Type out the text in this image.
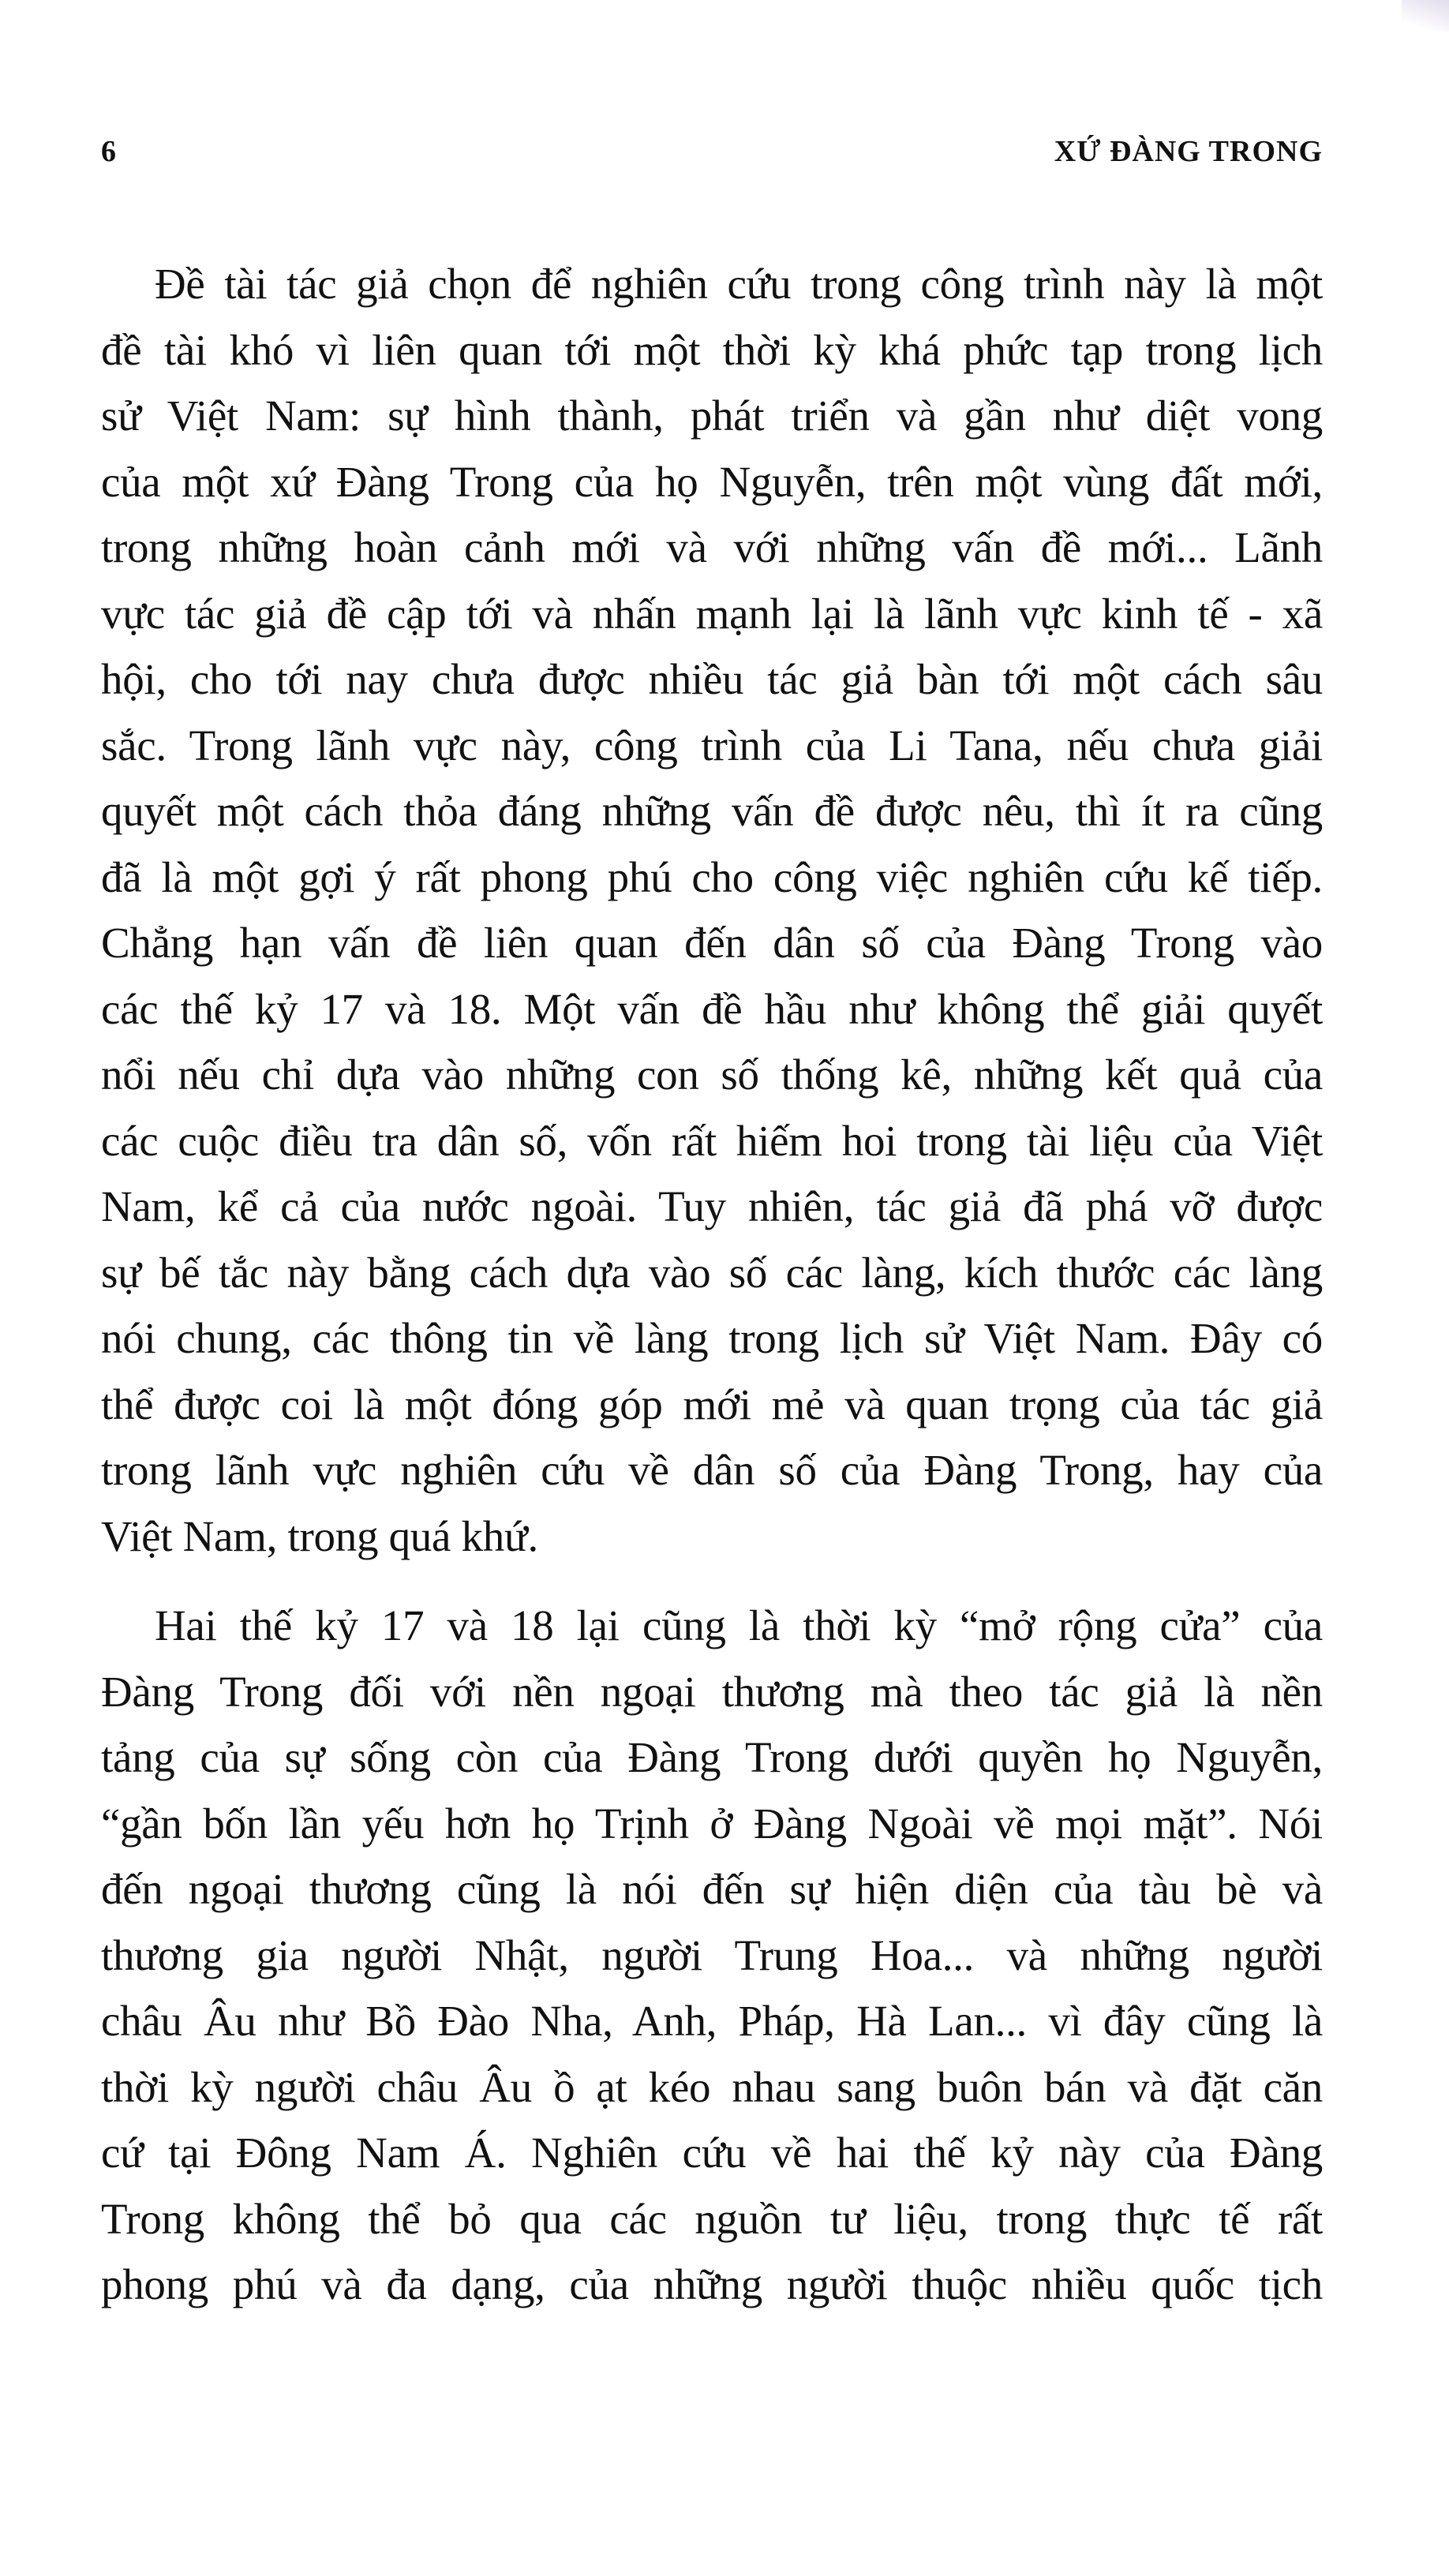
6	XỨ ĐÀNG TRONG
Đề tài tác giả chọn để nghiên cứu trong công trình này là một
đề tài khó vì liên quan tới một thời kỳ khá phức tạp trong lịch
sử Việt Nam: sự hình thành, phát triển và gần như diệt vong
của một xứ Đàng Trong của họ Nguyễn, trên một vùng đất mới,
trong những hoàn cảnh mới và với những vấn đề mới... Lãnh
vực tác giả đề cập tới và nhấn mạnh lại là lãnh vực kinh tế - xã
hội, cho tới nay chưa được nhiều tác giả bàn tới một cách sâu
sắc. Trong lãnh vực này, công trình của Li Tana, nếu chưa giải
quyết một cách thỏa đáng những vấn đề được nêu, thì ít ra cũng
đã là một gợi ý rất phong phú cho công việc nghiên cứu kế tiếp.
Chẳng hạn vấn đề liên quan đến dân số của Đàng Trong vào
các thế kỷ 17 và 18. Một vấn đề hầu như không thể giải quyết
nổi nếu chỉ dựa vào những con số thống kê, những kết quả của
các cuộc điều tra dân số, vốn rất hiếm hoi trong tài liệu của Việt
Nam, kể cả của nước ngoài. Tuy nhiên, tác giả đã phá vỡ được
sự bế tắc này bằng cách dựa vào số các làng, kích thước các làng
nói chung, các thông tin về làng trong lịch sử Việt Nam. Đây có
thể được coi là một đóng góp mới mẻ và quan trọng của tác giả
trong lãnh vực nghiên cứu về dân số của Đàng Trong, hay của
Việt Nam, trong quá khứ.
Hai thế kỷ 17 và 18 lại cũng là thời kỳ “mở rộng cửa” của
Đàng Trong đối với nền ngoại thương mà theo tác giả là nền
tảng của sự sống còn của Đàng Trong dưới quyền họ Nguyễn,
“gần bốn lần yếu hơn họ Trịnh ở Đàng Ngoài về mọi mặt”. Nói
đến ngoại thương cũng là nói đến sự hiện diện của tàu bè và
thương gia người Nhật, người Trung Hoa... và những người
châu Âu như Bồ Đào Nha, Anh, Pháp, Hà Lan... vì đây cũng là
thời kỳ người châu Âu ồ ạt kéo nhau sang buôn bán và đặt căn
cứ tại Đông Nam Á. Nghiên cứu về hai thế kỷ này của Đàng
Trong không thể bỏ qua các nguồn tư liệu, trong thực tế rất
phong phú và đa dạng, của những người thuộc nhiều quốc tịch
